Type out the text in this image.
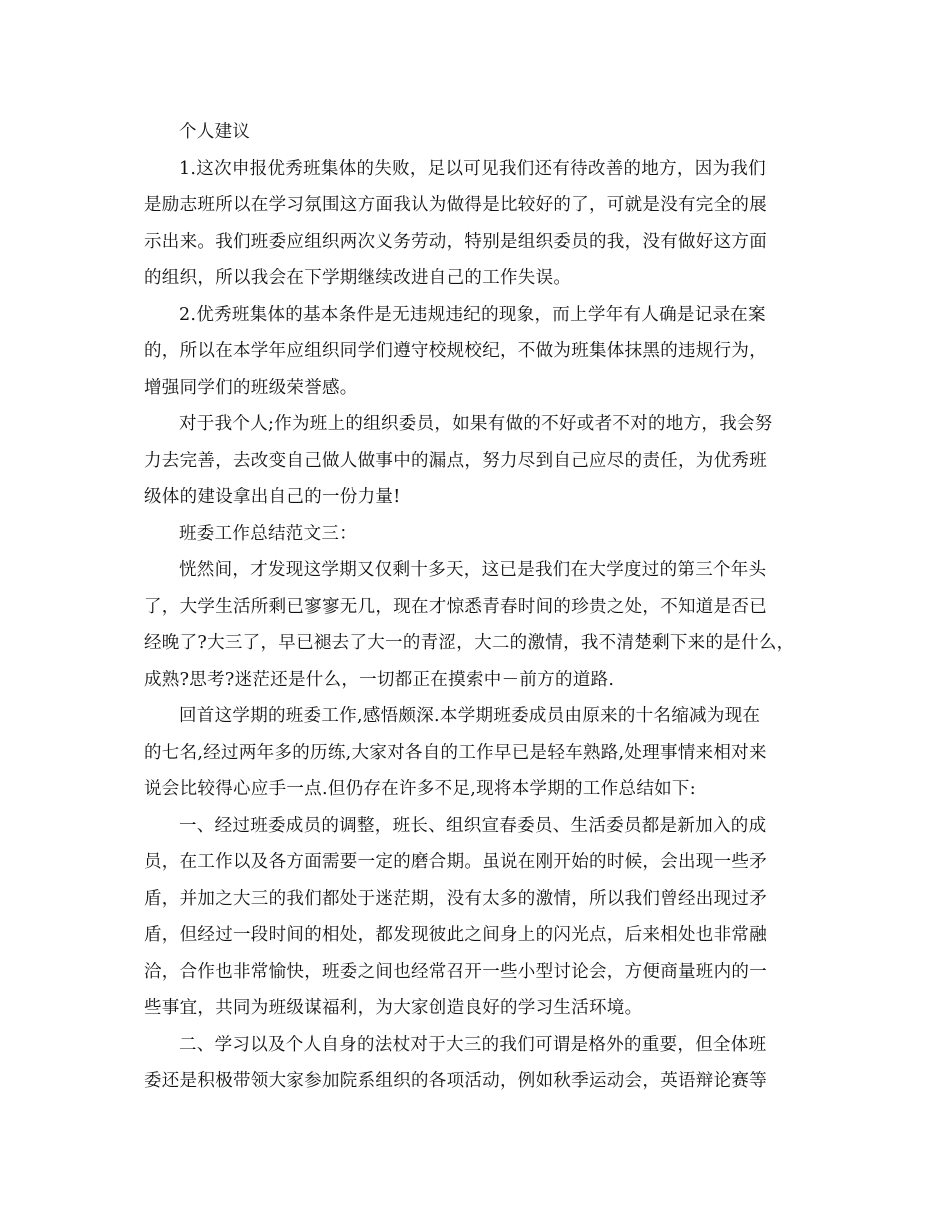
个人建议
1.这次申报优秀班集体的失败，足以可见我们还有待改善的地方，因为我们
是励志班所以在学习氛围这方面我认为做得是比较好的了，可就是没有完全的展
示出来。我们班委应组织两次义务劳动，特别是组织委员的我，没有做好这方面
的组织，所以我会在下学期继续改进自己的工作失误。
2.优秀班集体的基本条件是无违规违纪的现象，而上学年有人确是记录在案
的，所以在本学年应组织同学们遵守校规校纪，不做为班集体抹黑的违规行为，
增强同学们的班级荣誉感。
对于我个人;作为班上的组织委员，如果有做的不好或者不对的地方，我会努
力去完善，去改变自己做人做事中的漏点，努力尽到自己应尽的责任，为优秀班
级体的建设拿出自己的一份力量!
班委工作总结范文三：
恍然间，才发现这学期又仅剩十多天，这已是我们在大学度过的第三个年头
了，大学生活所剩已寥寥无几，现在才惊悉青春时间的珍贵之处，不知道是否已
经晚了?大三了，早已褪去了大一的青涩，大二的激情，我不清楚剩下来的是什么，
成熟?思考?迷茫还是什么，一切都正在摸索中－前方的道路.
回首这学期的班委工作,感悟颇深.本学期班委成员由原来的十名缩减为现在
的七名,经过两年多的历练,大家对各自的工作早已是轻车熟路,处理事情来相对来
说会比较得心应手一点.但仍存在许多不足,现将本学期的工作总结如下:
一、经过班委成员的调整，班长、组织宣春委员、生活委员都是新加入的成
员，在工作以及各方面需要一定的磨合期。虽说在刚开始的时候，会出现一些矛
盾，并加之大三的我们都处于迷茫期，没有太多的激情，所以我们曾经出现过矛
盾，但经过一段时间的相处，都发现彼此之间身上的闪光点，后来相处也非常融
洽，合作也非常愉快，班委之间也经常召开一些小型讨论会，方便商量班内的一
些事宜，共同为班级谋福利，为大家创造良好的学习生活环境。
二、学习以及个人自身的法杖对于大三的我们可谓是格外的重要，但全体班
委还是积极带领大家参加院系组织的各项活动，例如秋季运动会，英语辩论赛等
